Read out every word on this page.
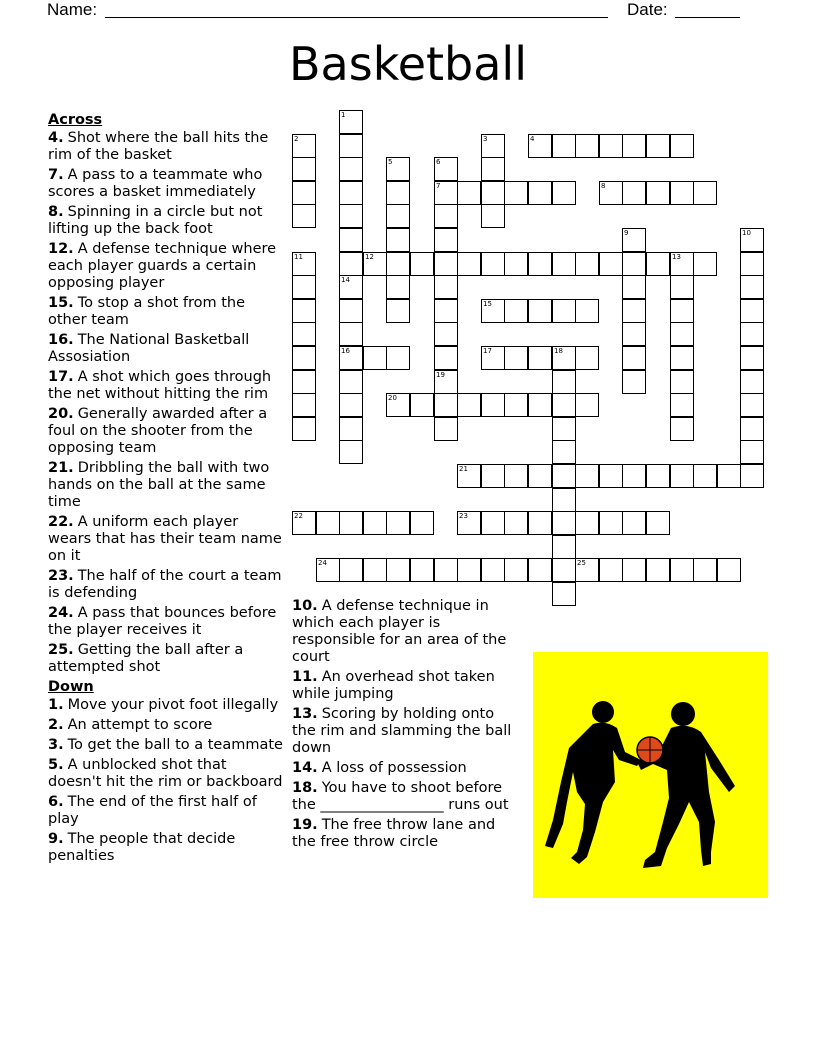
Name:	Date:
Basketball
Across
4. Shot where the ball hits the rim of the basket
7. A pass to a teammate who scores a basket immediately
8. Spinning in a circle but not lifting up the back foot
12. A defense technique where each player guards a certain opposing player
15. To stop a shot from the other team
16. The National Basketball Assosiation
17. A shot which goes through the net without hitting the rim
20. Generally awarded after a foul on the shooter from the opposing team
21. Dribbling the ball with two hands on the ball at the same time
22. A uniform each player wears that has their team name on it
23. The half of the court a team is defending
24. A pass that bounces before the player receives it
25. Getting the ball after a attempted shot
Down
1. Move your pivot foot illegally
2. An attempt to score
3. To get the ball to a teammate
5. A unblocked shot that doesn't hit the rim or backboard
6. The end of the first half of play
9. The people that decide penalties
10. A defense technique in which each player is responsible for an area of the court
11. An overhead shot taken while jumping
13. Scoring by holding onto the rim and slamming the ball down
14. A loss of possession
18. You have to shoot before the _________________ runs out
19. The free throw lane and the free throw circle
1
14
16
2	3	4
5	6
7
19
8
9	10
11	12	13
15
17	18
20
21
22	23
24	25
